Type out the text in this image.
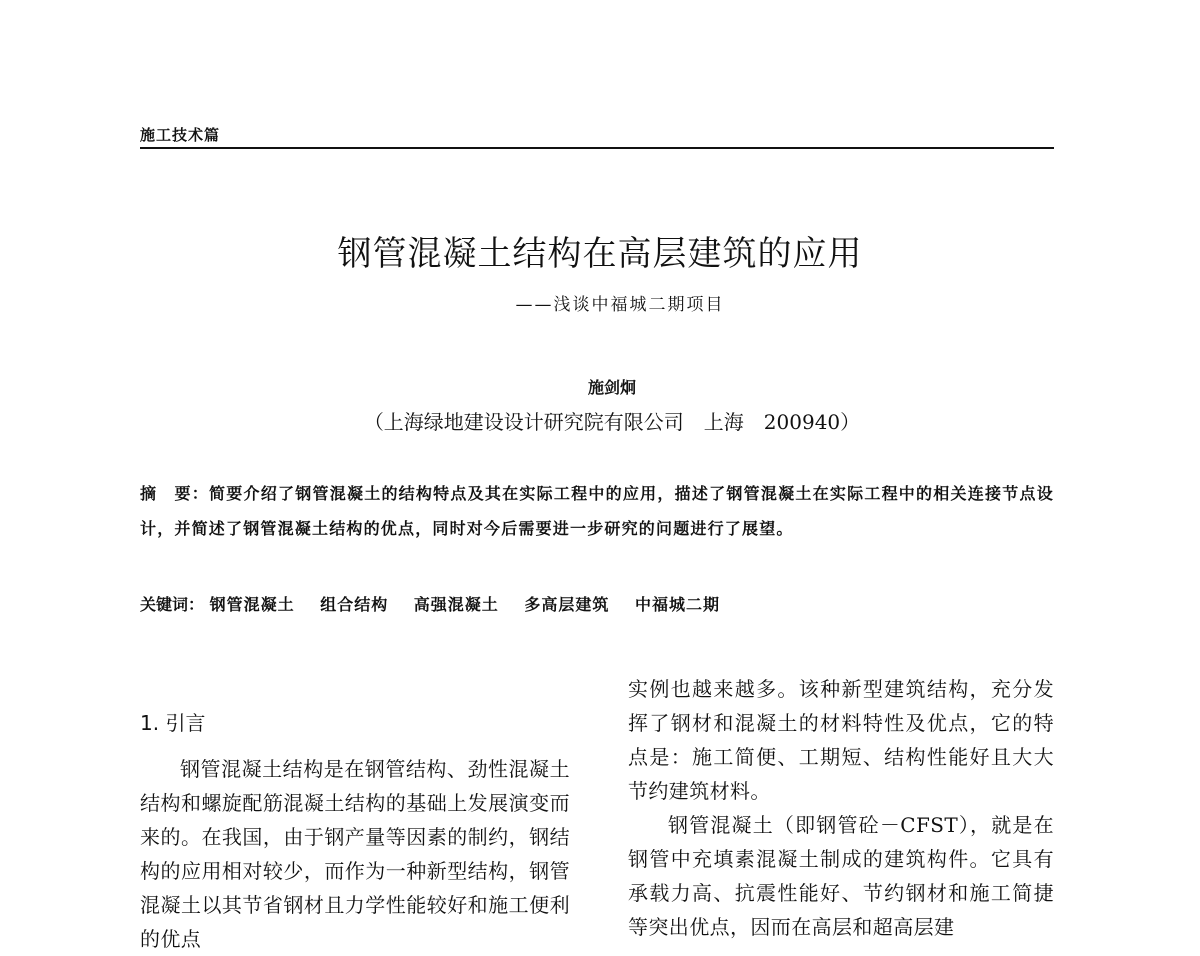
施工技术篇
钢管混凝土结构在高层建筑的应用
——浅谈中福城二期项目
施剑炯
（上海绿地建设设计研究院有限公司　上海　200940）
摘　要：简要介绍了钢管混凝土的结构特点及其在实际工程中的应用，描述了钢管混凝土在实际工程中的相关连接节点设计，并简述了钢管混凝土结构的优点，同时对今后需要进一步研究的问题进行了展望。
关键词： 钢管混凝土 组合结构 高强混凝土 多高层建筑 中福城二期
1. 引言

钢管混凝土结构是在钢管结构、劲性混凝土结构和螺旋配筋混凝土结构的基础上发展演变而来的。在我国，由于钢产量等因素的制约，钢结构的应用相对较少，而作为一种新型结构，钢管混凝土以其节省钢材且力学性能较好和施工便利的优点

实例也越来越多。该种新型建筑结构，充分发挥了钢材和混凝土的材料特性及优点，它的特点是：施工简便、工期短、结构性能好且大大节约建筑材料。

钢管混凝土（即钢管砼－CFST），就是在钢管中充填素混凝土制成的建筑构件。它具有承载力高、抗震性能好、节约钢材和施工简捷等突出优点，因而在高层和超高层建
